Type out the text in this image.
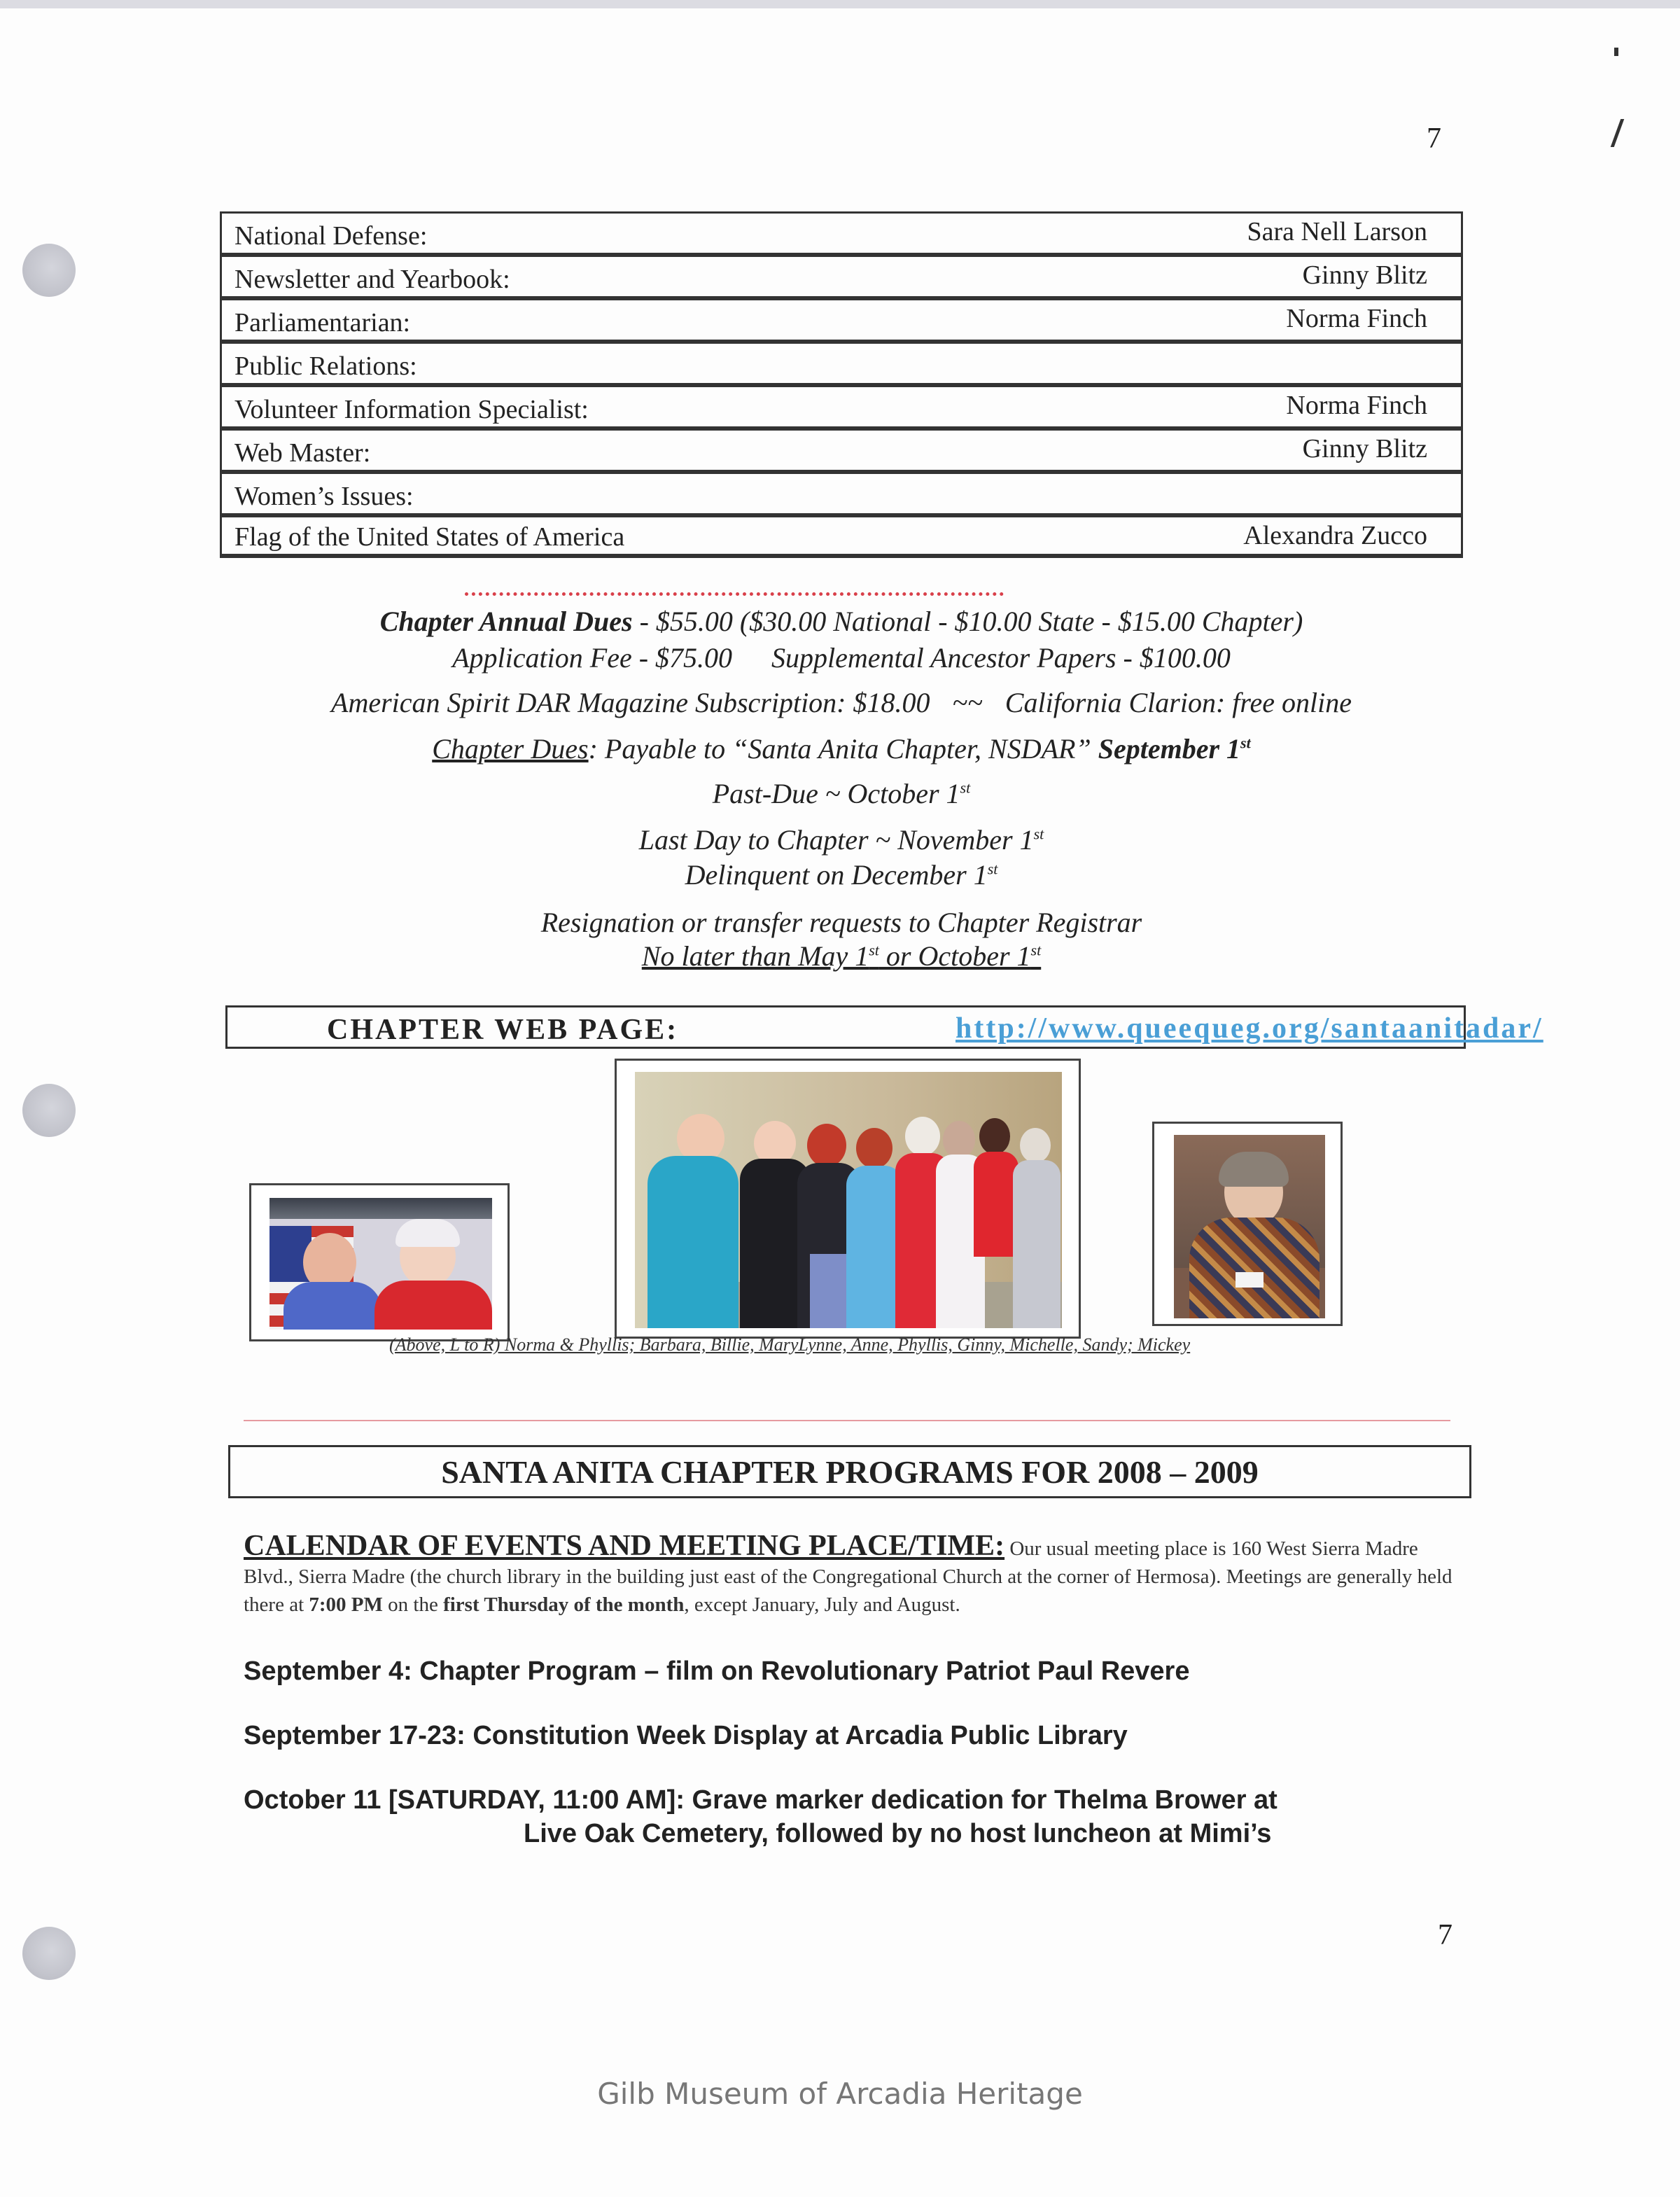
7
National Defense:	Sara Nell Larson
Newsletter and Yearbook:	Ginny Blitz
Parliamentarian:	Norma Finch
Public Relations:
Volunteer Information Specialist:	Norma Finch
Web Master:	Ginny Blitz
Women’s Issues:
Flag of the United States of America	Alexandra Zucco
Chapter Annual Dues - $55.00 ($30.00 National - $10.00 State - $15.00 Chapter)
Application Fee - $75.00 Supplemental Ancestor Papers - $100.00
American Spirit DAR Magazine Subscription: $18.00 ~~ California Clarion: free online
Chapter Dues: Payable to “Santa Anita Chapter, NSDAR” September 1st
Past-Due ~ October 1st
Last Day to Chapter ~ November 1st
Delinquent on December 1st
Resignation or transfer requests to Chapter Registrar
No later than May 1st or October 1st
CHAPTER WEB PAGE:	http://www.queequeg.org/santaanitadar/
(Above, L to R) Norma & Phyllis; Barbara, Billie, MaryLynne, Anne, Phyllis, Ginny, Michelle, Sandy; Mickey
SANTA ANITA CHAPTER PROGRAMS FOR 2008 – 2009
CALENDAR OF EVENTS AND MEETING PLACE/TIME: Our usual meeting place is 160 West Sierra Madre Blvd., Sierra Madre (the church library in the building just east of the Congregational Church at the corner of Hermosa). Meetings are generally held there at 7:00 PM on the first Thursday of the month, except January, July and August.
September 4: Chapter Program – film on Revolutionary Patriot Paul Revere
September 17-23: Constitution Week Display at Arcadia Public Library
October 11 [SATURDAY, 11:00 AM]: Grave marker dedication for Thelma Brower at
Live Oak Cemetery, followed by no host luncheon at Mimi’s
7
Gilb Museum of Arcadia Heritage
